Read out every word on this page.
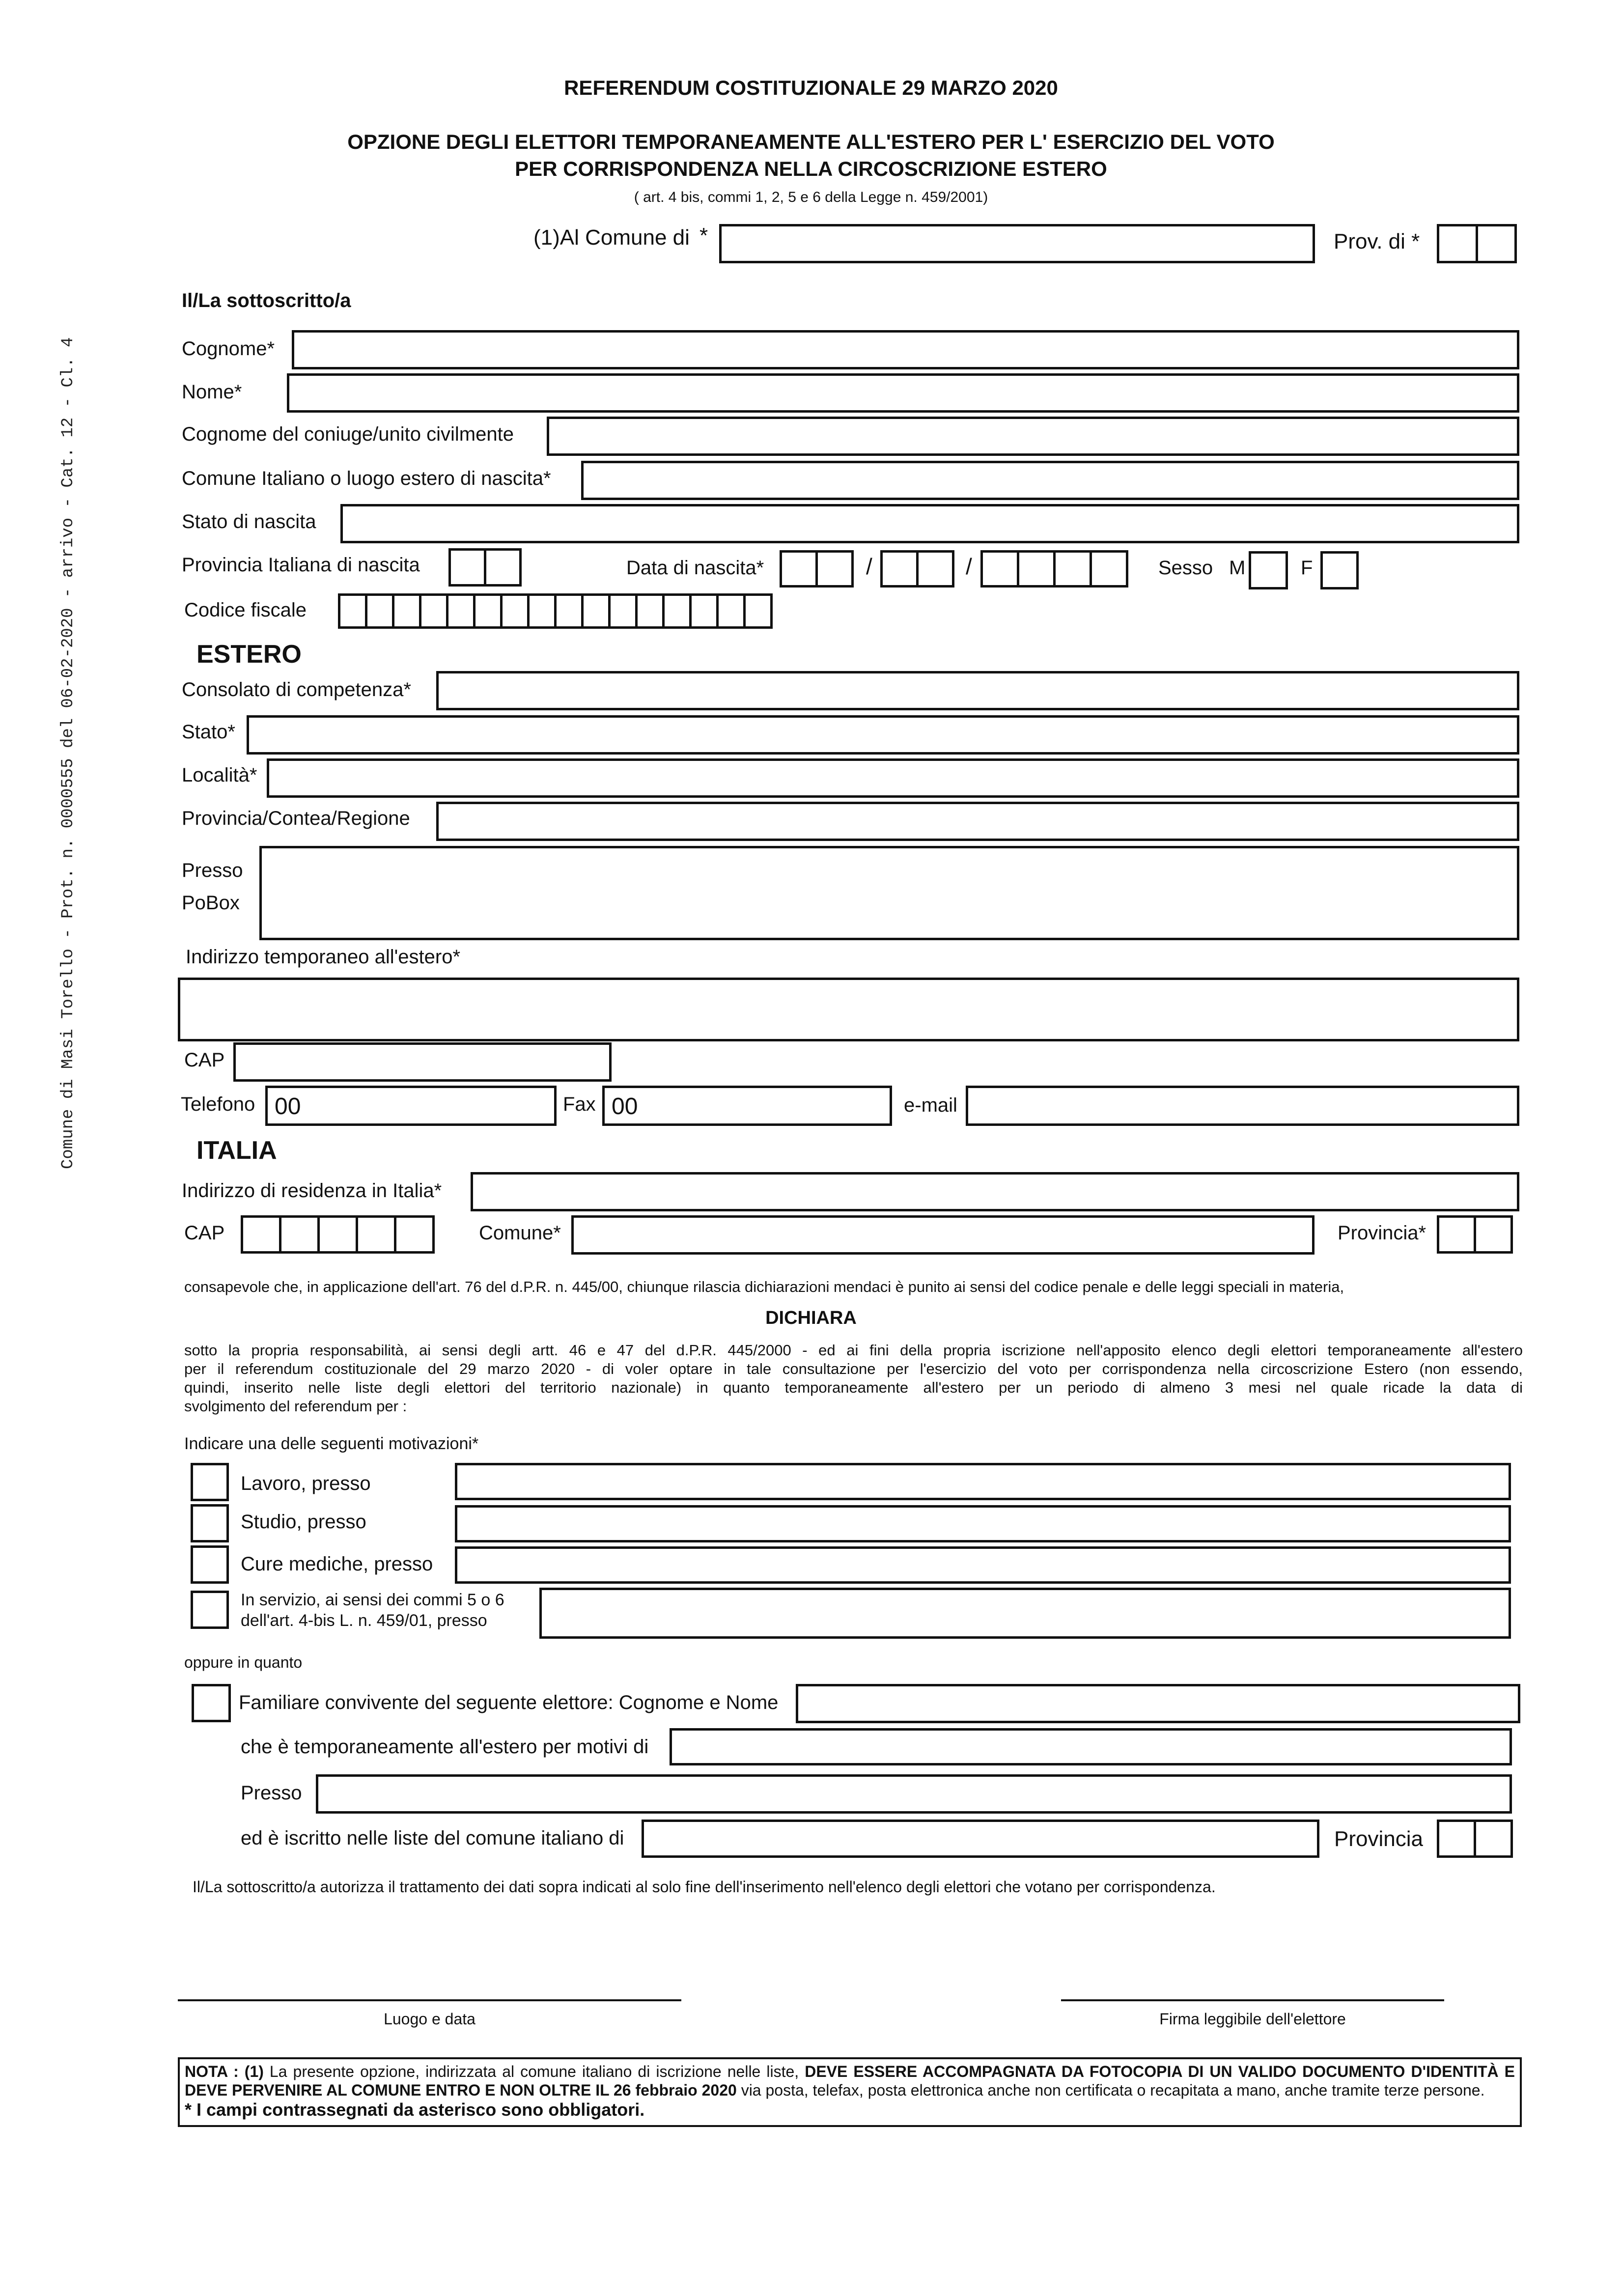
Comune di Masi Torello - Prot. n. 0000555 del 06-02-2020 - arrivo - Cat. 12 - Cl. 4
REFERENDUM COSTITUZIONALE 29 MARZO 2020
OPZIONE DEGLI ELETTORI TEMPORANEAMENTE ALL'ESTERO PER L' ESERCIZIO DEL VOTO
PER CORRISPONDENZA NELLA CIRCOSCRIZIONE ESTERO
( art. 4 bis, commi 1, 2, 5 e 6 della Legge n. 459/2001)
(1)Al Comune di *	Prov. di *
Il/La sottoscritto/a
Cognome*
Nome*
Cognome del coniuge/unito civilmente
Comune Italiano o luogo estero di nascita*
Stato di nascita
Provincia Italiana di nascita	Data di nascita*	/	/	Sesso M	F
Codice fiscale
ESTERO
Consolato di competenza*
Stato*
Località*
Provincia/Contea/Regione
Presso
PoBox
Indirizzo temporaneo all'estero*
CAP
Telefono 00	Fax 00	e-mail
ITALIA
Indirizzo di residenza in Italia*
CAP	Comune*	Provincia*
consapevole che, in applicazione dell'art. 76 del d.P.R. n. 445/00, chiunque rilascia dichiarazioni mendaci è punito ai sensi del codice penale e delle leggi speciali in materia,
DICHIARA
sotto la propria responsabilità, ai sensi degli artt. 46 e 47 del d.P.R. 445/2000 - ed ai fini della propria iscrizione nell'apposito elenco degli elettori temporaneamente all'estero
per il referendum costituzionale del 29 marzo 2020 - di voler optare in tale consultazione per l'esercizio del voto per corrispondenza nella circoscrizione Estero (non essendo,
quindi, inserito nelle liste degli elettori del territorio nazionale) in quanto temporaneamente all'estero per un periodo di almeno 3 mesi nel quale ricade la data di
svolgimento del referendum per :
Indicare una delle seguenti motivazioni*
Lavoro, presso
Studio, presso
Cure mediche, presso
In servizio, ai sensi dei commi 5 o 6
dell'art. 4-bis L. n. 459/01, presso
oppure in quanto
Familiare convivente del seguente elettore: Cognome e Nome
che è temporaneamente all'estero per motivi di
Presso
ed è iscritto nelle liste del comune italiano di	Provincia
Il/La sottoscritto/a autorizza il trattamento dei dati sopra indicati al solo fine dell'inserimento nell'elenco degli elettori che votano per corrispondenza.
Luogo e data	Firma leggibile dell'elettore
NOTA : (1) La presente opzione, indirizzata al comune italiano di iscrizione nelle liste, DEVE ESSERE ACCOMPAGNATA DA FOTOCOPIA DI UN VALIDO DOCUMENTO D'IDENTITÀ E DEVE PERVENIRE AL COMUNE ENTRO E NON OLTRE IL 26 febbraio 2020 via posta, telefax, posta elettronica anche non certificata o recapitata a mano, anche tramite terze persone.
* I campi contrassegnati da asterisco sono obbligatori.
